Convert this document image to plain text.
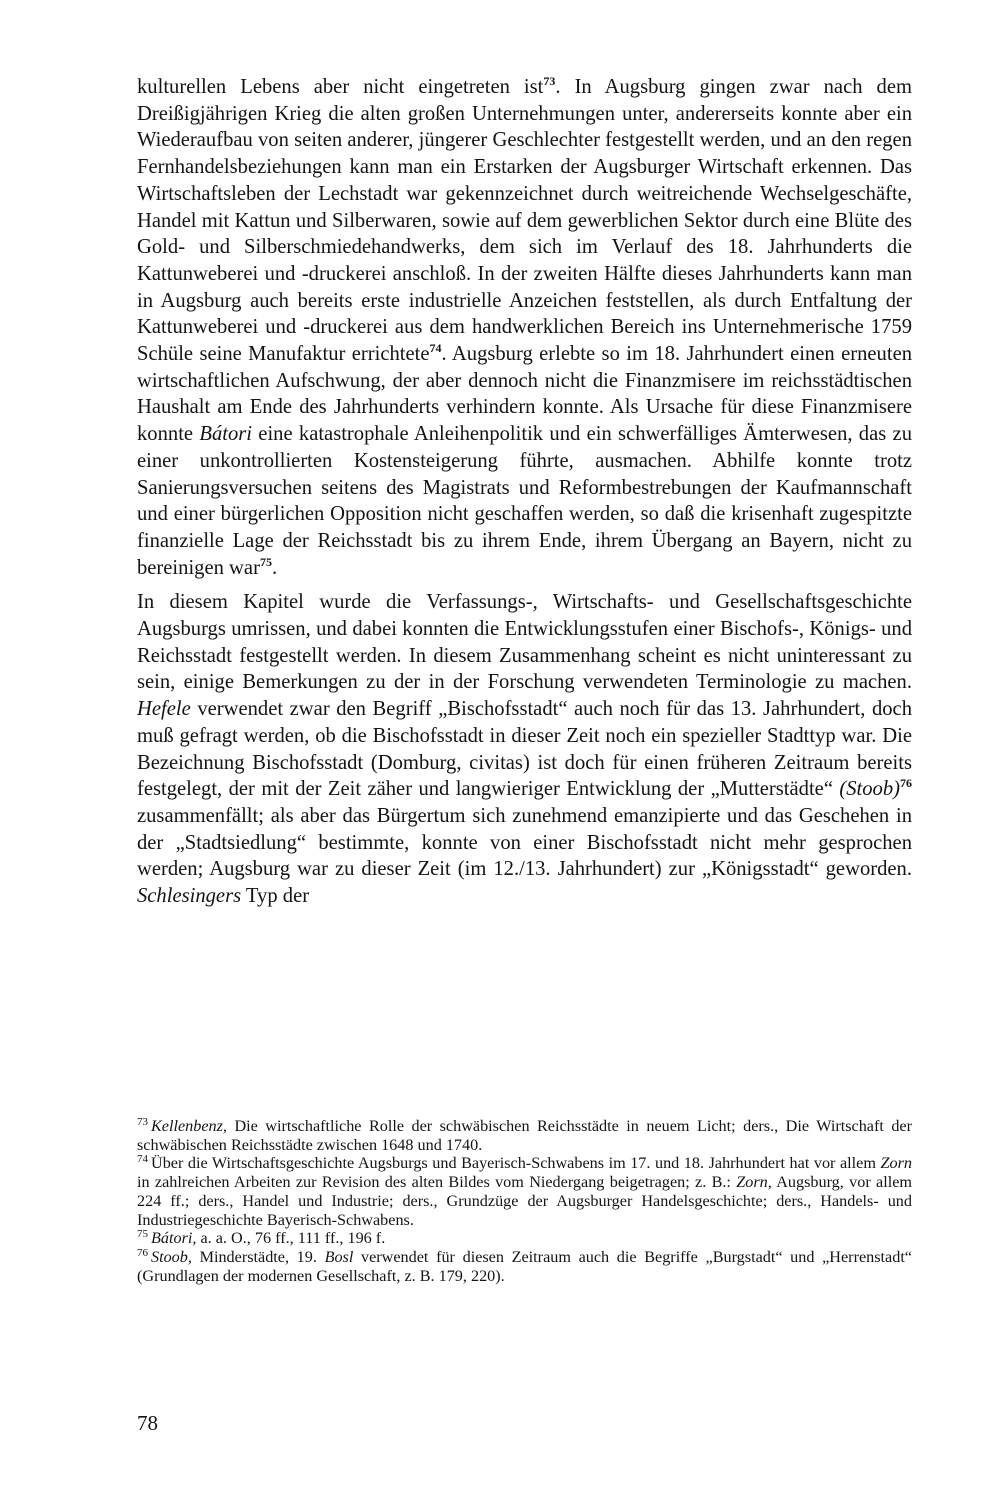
kulturellen Lebens aber nicht eingetreten ist$^{73}$. In Augsburg gingen zwar nach dem Dreißigjährigen Krieg die alten großen Unternehmungen unter, andererseits konnte aber ein Wiederaufbau von seiten anderer, jüngerer Geschlechter festgestellt werden, und an den regen Fernhandelsbeziehungen kann man ein Erstarken der Augsburger Wirtschaft erkennen. Das Wirtschaftsleben der Lechstadt war gekennzeichnet durch weitreichende Wechselgeschäfte, Handel mit Kattun und Silberwaren, sowie auf dem gewerblichen Sektor durch eine Blüte des Gold- und Silberschmiedehandwerks, dem sich im Verlauf des 18. Jahrhunderts die Kattunweberei und -druckerei anschloß. In der zweiten Hälfte dieses Jahrhunderts kann man in Augsburg auch bereits erste industrielle Anzeichen feststellen, als durch Entfaltung der Kattunweberei und -druckerei aus dem handwerklichen Bereich ins Unternehmerische 1759 Schüle seine Manufaktur errichtete$^{74}$. Augsburg erlebte so im 18. Jahrhundert einen erneuten wirtschaftlichen Aufschwung, der aber dennoch nicht die Finanzmisere im reichsstädtischen Haushalt am Ende des Jahrhunderts verhindern konnte. Als Ursache für diese Finanzmisere konnte Bátori eine katastrophale Anleihenpolitik und ein schwerfälliges Ämterwesen, das zu einer unkontrollierten Kostensteigerung führte, ausmachen. Abhilfe konnte trotz Sanierungsversuchen seitens des Magistrats und Reformbestrebungen der Kaufmannschaft und einer bürgerlichen Opposition nicht geschaffen werden, so daß die krisenhaft zugespitzte finanzielle Lage der Reichsstadt bis zu ihrem Ende, ihrem Übergang an Bayern, nicht zu bereinigen war$^{75}$.

In diesem Kapitel wurde die Verfassungs-, Wirtschafts- und Gesellschaftsgeschichte Augsburgs umrissen, und dabei konnten die Entwicklungsstufen einer Bischofs-, Königs- und Reichsstadt festgestellt werden. In diesem Zusammenhang scheint es nicht uninteressant zu sein, einige Bemerkungen zu der in der Forschung verwendeten Terminologie zu machen. Hefele verwendet zwar den Begriff „Bischofsstadt“ auch noch für das 13. Jahrhundert, doch muß gefragt werden, ob die Bischofsstadt in dieser Zeit noch ein spezieller Stadttyp war. Die Bezeichnung Bischofsstadt (Domburg, civitas) ist doch für einen früheren Zeitraum bereits festgelegt, der mit der Zeit zäher und langwieriger Entwicklung der „Mutterstädte“ (Stoob)$^{76}$ zusammenfällt; als aber das Bürgertum sich zunehmend emanzipierte und das Geschehen in der „Stadtsiedlung“ bestimmte, konnte von einer Bischofsstadt nicht mehr gesprochen werden; Augsburg war zu dieser Zeit (im 12./13. Jahrhundert) zur „Königsstadt“ geworden. Schlesingers Typ der

$^{73}$ Kellenbenz, Die wirtschaftliche Rolle der schwäbischen Reichsstädte in neuem Licht; ders., Die Wirtschaft der schwäbischen Reichsstädte zwischen 1648 und 1740.

$^{74}$ Über die Wirtschaftsgeschichte Augsburgs und Bayerisch-Schwabens im 17. und 18. Jahrhundert hat vor allem Zorn in zahlreichen Arbeiten zur Revision des alten Bildes vom Niedergang beigetragen; z. B.: Zorn, Augsburg, vor allem 224 ff.; ders., Handel und Industrie; ders., Grundzüge der Augsburger Handelsgeschichte; ders., Handels- und Industriegeschichte Bayerisch-Schwabens.

$^{75}$ Bátori, a. a. O., 76 ff., 111 ff., 196 f.

$^{76}$ Stoob, Minderstädte, 19. Bosl verwendet für diesen Zeitraum auch die Begriffe „Burgstadt“ und „Herrenstadt“ (Grundlagen der modernen Gesellschaft, z. B. 179, 220).

78
